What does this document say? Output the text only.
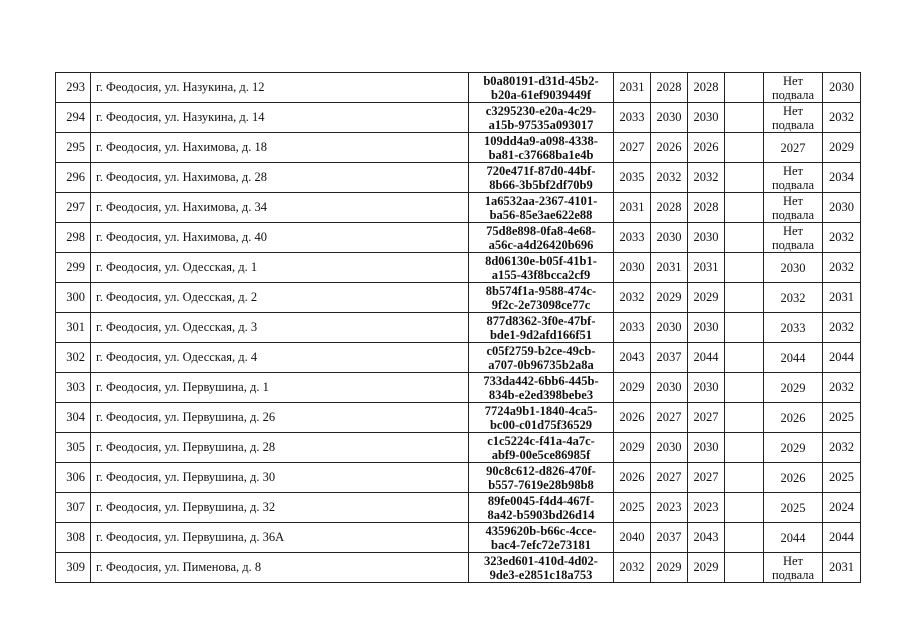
293	г. Феодосия, ул. Назукина, д. 12	b0a80191-d31d-45b2-
b20a-61ef9039449f	2031	2028	2028		Нет
подвала	2030
294	г. Феодосия, ул. Назукина, д. 14	c3295230-e20a-4c29-
a15b-97535a093017	2033	2030	2030		Нет
подвала	2032
295	г. Феодосия, ул. Нахимова, д. 18	109dd4a9-a098-4338-
ba81-c37668ba1e4b	2027	2026	2026		2027	2029
296	г. Феодосия, ул. Нахимова, д. 28	720e471f-87d0-44bf-
8b66-3b5bf2df70b9	2035	2032	2032		Нет
подвала	2034
297	г. Феодосия, ул. Нахимова, д. 34	1a6532aa-2367-4101-
ba56-85e3ae622e88	2031	2028	2028		Нет
подвала	2030
298	г. Феодосия, ул. Нахимова, д. 40	75d8e898-0fa8-4e68-
a56c-a4d26420b696	2033	2030	2030		Нет
подвала	2032
299	г. Феодосия, ул. Одесская, д. 1	8d06130e-b05f-41b1-
a155-43f8bcca2cf9	2030	2031	2031		2030	2032
300	г. Феодосия, ул. Одесская, д. 2	8b574f1a-9588-474c-
9f2c-2e73098ce77c	2032	2029	2029		2032	2031
301	г. Феодосия, ул. Одесская, д. 3	877d8362-3f0e-47bf-
bde1-9d2afd166f51	2033	2030	2030		2033	2032
302	г. Феодосия, ул. Одесская, д. 4	c05f2759-b2ce-49cb-
a707-0b96735b2a8a	2043	2037	2044		2044	2044
303	г. Феодосия, ул. Первушина, д. 1	733da442-6bb6-445b-
834b-e2ed398bebe3	2029	2030	2030		2029	2032
304	г. Феодосия, ул. Первушина, д. 26	7724a9b1-1840-4ca5-
bc00-c01d75f36529	2026	2027	2027		2026	2025
305	г. Феодосия, ул. Первушина, д. 28	c1c5224c-f41a-4a7c-
abf9-00e5ce86985f	2029	2030	2030		2029	2032
306	г. Феодосия, ул. Первушина, д. 30	90c8c612-d826-470f-
b557-7619e28b98b8	2026	2027	2027		2026	2025
307	г. Феодосия, ул. Первушина, д. 32	89fe0045-f4d4-467f-
8a42-b5903bd26d14	2025	2023	2023		2025	2024
308	г. Феодосия, ул. Первушина, д. 36А	4359620b-b66c-4cce-
bac4-7efc72e73181	2040	2037	2043		2044	2044
309	г. Феодосия, ул. Пименова, д. 8	323ed601-410d-4d02-
9de3-e2851c18a753	2032	2029	2029		Нет
подвала	2031
